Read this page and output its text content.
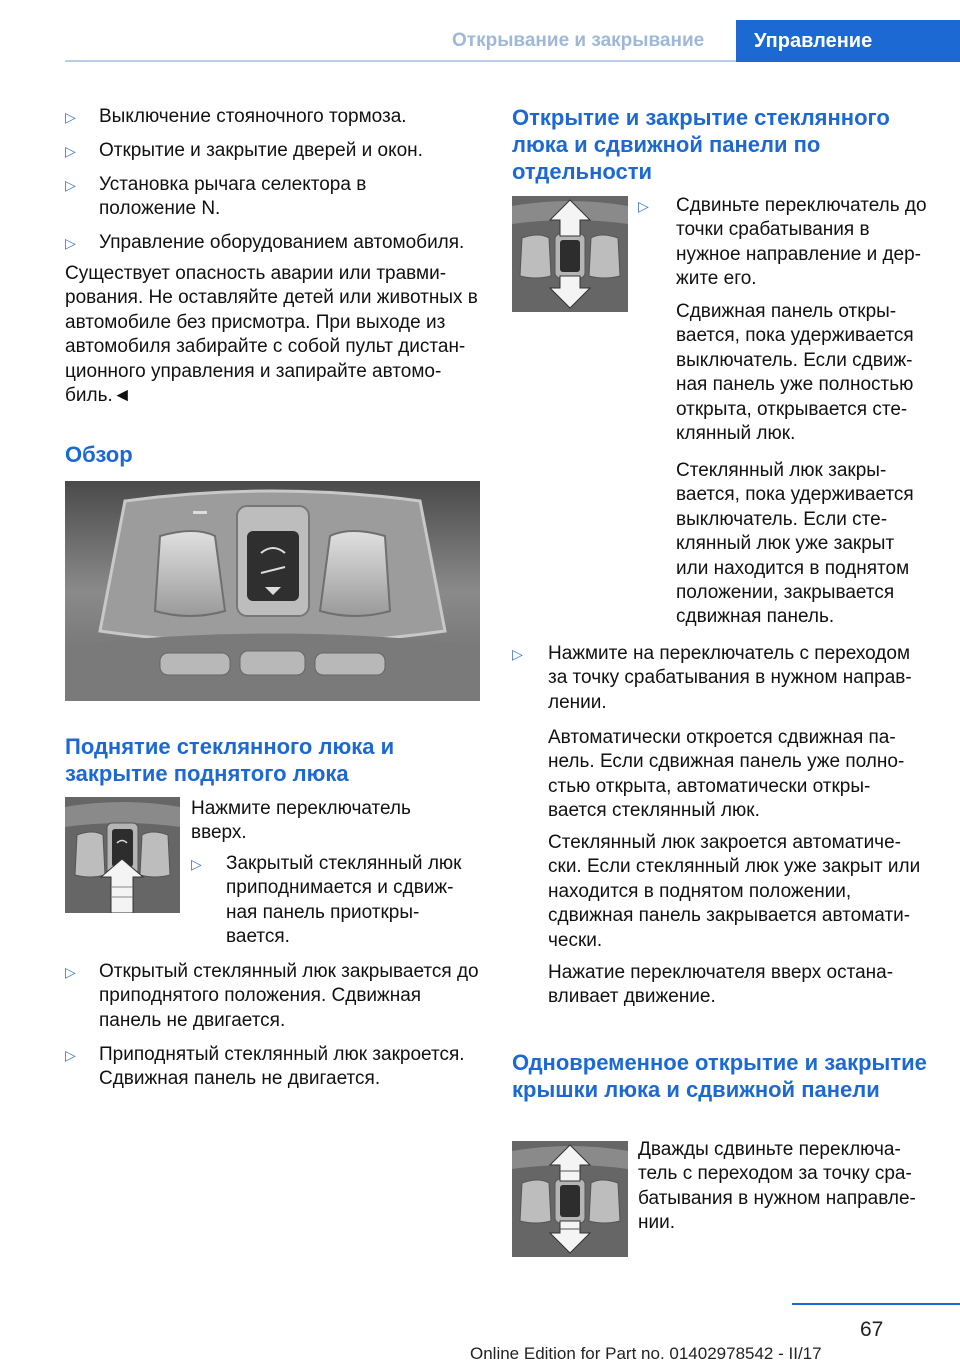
Открывание и закрывание	Управление
▷ Выключение стояночного тормоза.
▷ Открытие и закрытие дверей и окон.
▷ Установка рычага селектора в положение N.
▷ Управление оборудованием автомобиля.
Существует опасность аварии или травми-рования. Не оставляйте детей или животных в автомобиле без присмотра. При выходе из автомобиля забирайте с собой пульт дистан-ционного управления и запирайте автомо-биль.◄
Обзор
Поднятие стеклянного люка и закрытие поднятого люка
Нажмите переключатель вверх.
▷ Закрытый стеклянный люк приподнимается и сдвиж-ная панель приоткры-вается.
▷ Открытый стеклянный люк закрывается до приподнятого положения. Сдвижная панель не двигается.
▷ Приподнятый стеклянный люк закроется. Сдвижная панель не двигается.
Открытие и закрытие стеклянного люка и сдвижной панели по отдельности
▷ Сдвиньте переключатель до точки срабатывания в нужное направление и дер-жите его.
Сдвижная панель откры-вается, пока удерживается выключатель. Если сдвиж-ная панель уже полностью открыта, открывается сте-клянный люк.
Стеклянный люк закры-вается, пока удерживается выключатель. Если сте-клянный люк уже закрыт или находится в поднятом положении, закрывается сдвижная панель.
▷ Нажмите на переключатель с переходом за точку срабатывания в нужном направ-лении.
Автоматически откроется сдвижная па-нель. Если сдвижная панель уже полно-стью открыта, автоматически откры-вается стеклянный люк.
Стеклянный люк закроется автоматиче-ски. Если стеклянный люк уже закрыт или находится в поднятом положении, сдвижная панель закрывается автомати-чески.
Нажатие переключателя вверх остана-вливает движение.
Одновременное открытие и закрытие крышки люка и сдвижной панели
Дважды сдвиньте переключа-тель с переходом за точку сра-батывания в нужном направле-нии.
67
Online Edition for Part no. 01402978542 - II/17
